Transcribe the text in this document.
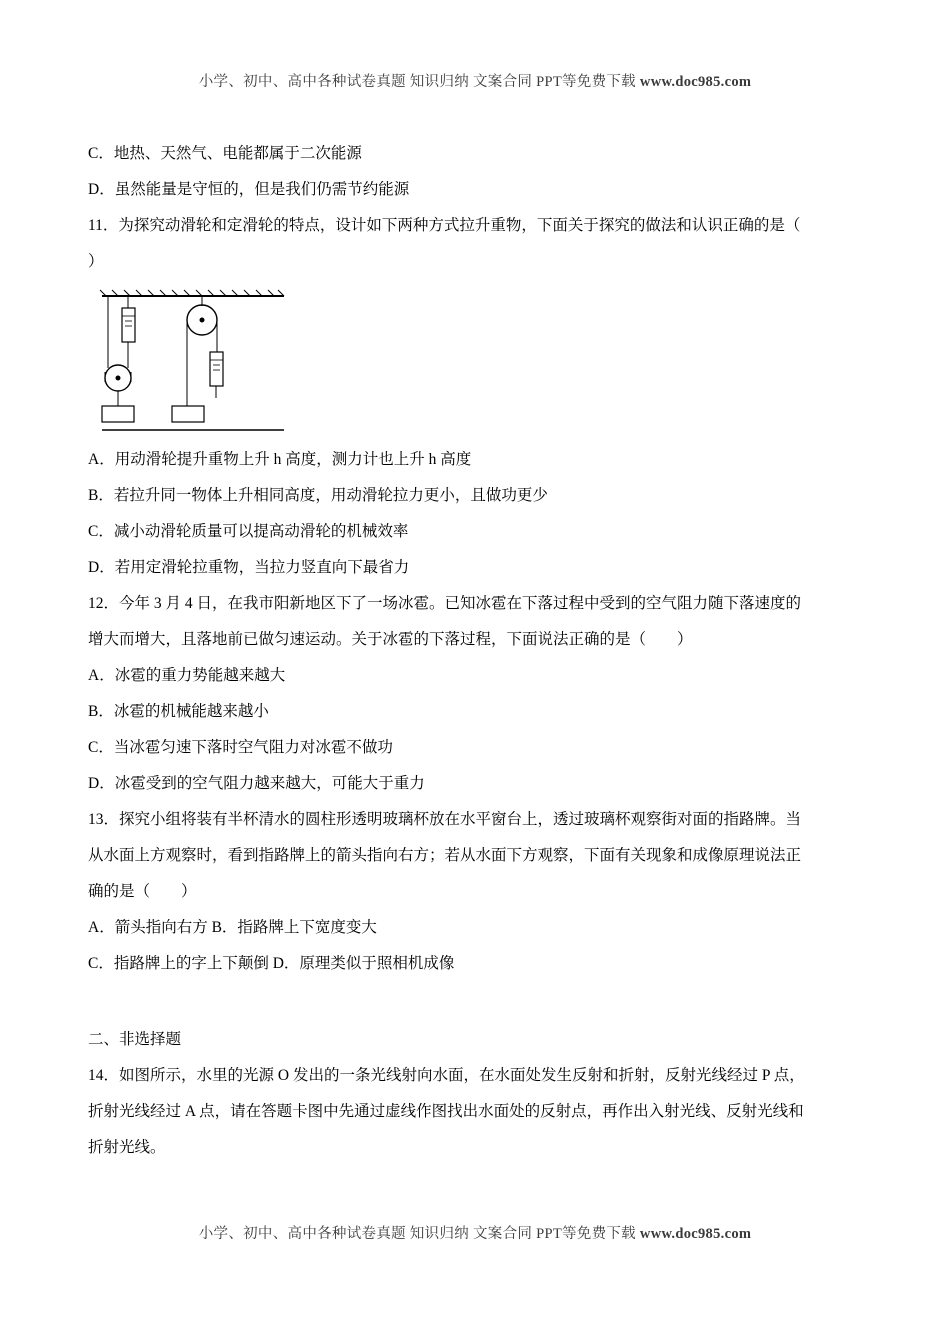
小学、初中、高中各种试卷真题 知识归纳 文案合同 PPT等免费下载 www.doc985.com

C．地热、天然气、电能都属于二次能源

D．虽然能量是守恒的，但是我们仍需节约能源

11．为探究动滑轮和定滑轮的特点，设计如下两种方式拉升重物，下面关于探究的做法和认识正确的是（

）

A．用动滑轮提升重物上升 h 高度，测力计也上升 h 高度

B．若拉升同一物体上升相同高度，用动滑轮拉力更小，且做功更少

C．减小动滑轮质量可以提高动滑轮的机械效率

D．若用定滑轮拉重物，当拉力竖直向下最省力

12．今年 3 月 4 日，在我市阳新地区下了一场冰雹。已知冰雹在下落过程中受到的空气阻力随下落速度的

增大而增大，且落地前已做匀速运动。关于冰雹的下落过程，下面说法正确的是（　　）

A．冰雹的重力势能越来越大

B．冰雹的机械能越来越小

C．当冰雹匀速下落时空气阻力对冰雹不做功

D．冰雹受到的空气阻力越来越大，可能大于重力

13．探究小组将装有半杯清水的圆柱形透明玻璃杯放在水平窗台上，透过玻璃杯观察街对面的指路牌。当

从水面上方观察时，看到指路牌上的箭头指向右方；若从水面下方观察，下面有关现象和成像原理说法正

确的是（　　）

A．箭头指向右方 B．指路牌上下宽度变大

C．指路牌上的字上下颠倒 D．原理类似于照相机成像

二、非选择题

14．如图所示，水里的光源 O 发出的一条光线射向水面，在水面处发生反射和折射，反射光线经过 P 点，

折射光线经过 A 点，请在答题卡图中先通过虚线作图找出水面处的反射点，再作出入射光线、反射光线和

折射光线。

小学、初中、高中各种试卷真题 知识归纳 文案合同 PPT等免费下载 www.doc985.com
